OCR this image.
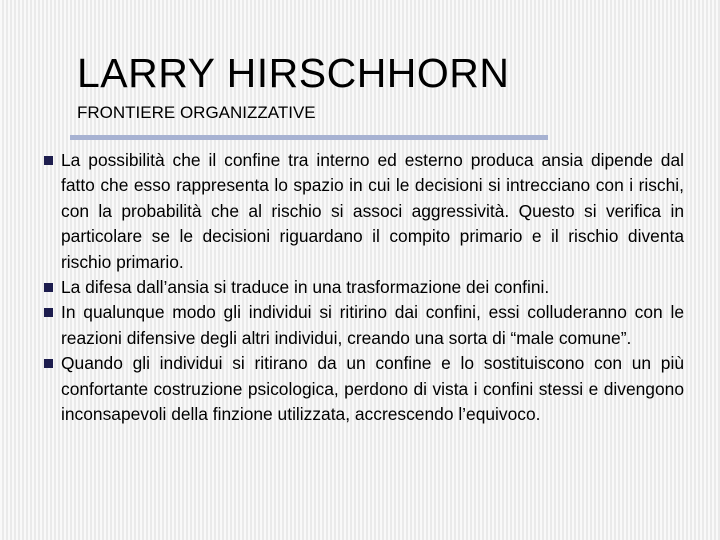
LARRY HIRSCHHORN
FRONTIERE ORGANIZZATIVE
La possibilità che il confine tra interno ed esterno produca ansia dipende dal fatto che esso rappresenta lo spazio in cui le decisioni si intrecciano con i rischi, con la probabilità che al rischio si associ aggressività. Questo si verifica in particolare se le decisioni riguardano il compito primario e il rischio diventa rischio primario.
La difesa dall’ansia si traduce in una trasformazione dei confini.
In qualunque modo gli individui si ritirino dai confini, essi colluderanno con le reazioni difensive degli altri individui, creando una sorta di “male comune”.
Quando gli individui si ritirano da un confine e lo sostituiscono con un più confortante costruzione psicologica, perdono di vista i confini stessi e divengono inconsapevoli della finzione utilizzata, accrescendo l’equivoco.
